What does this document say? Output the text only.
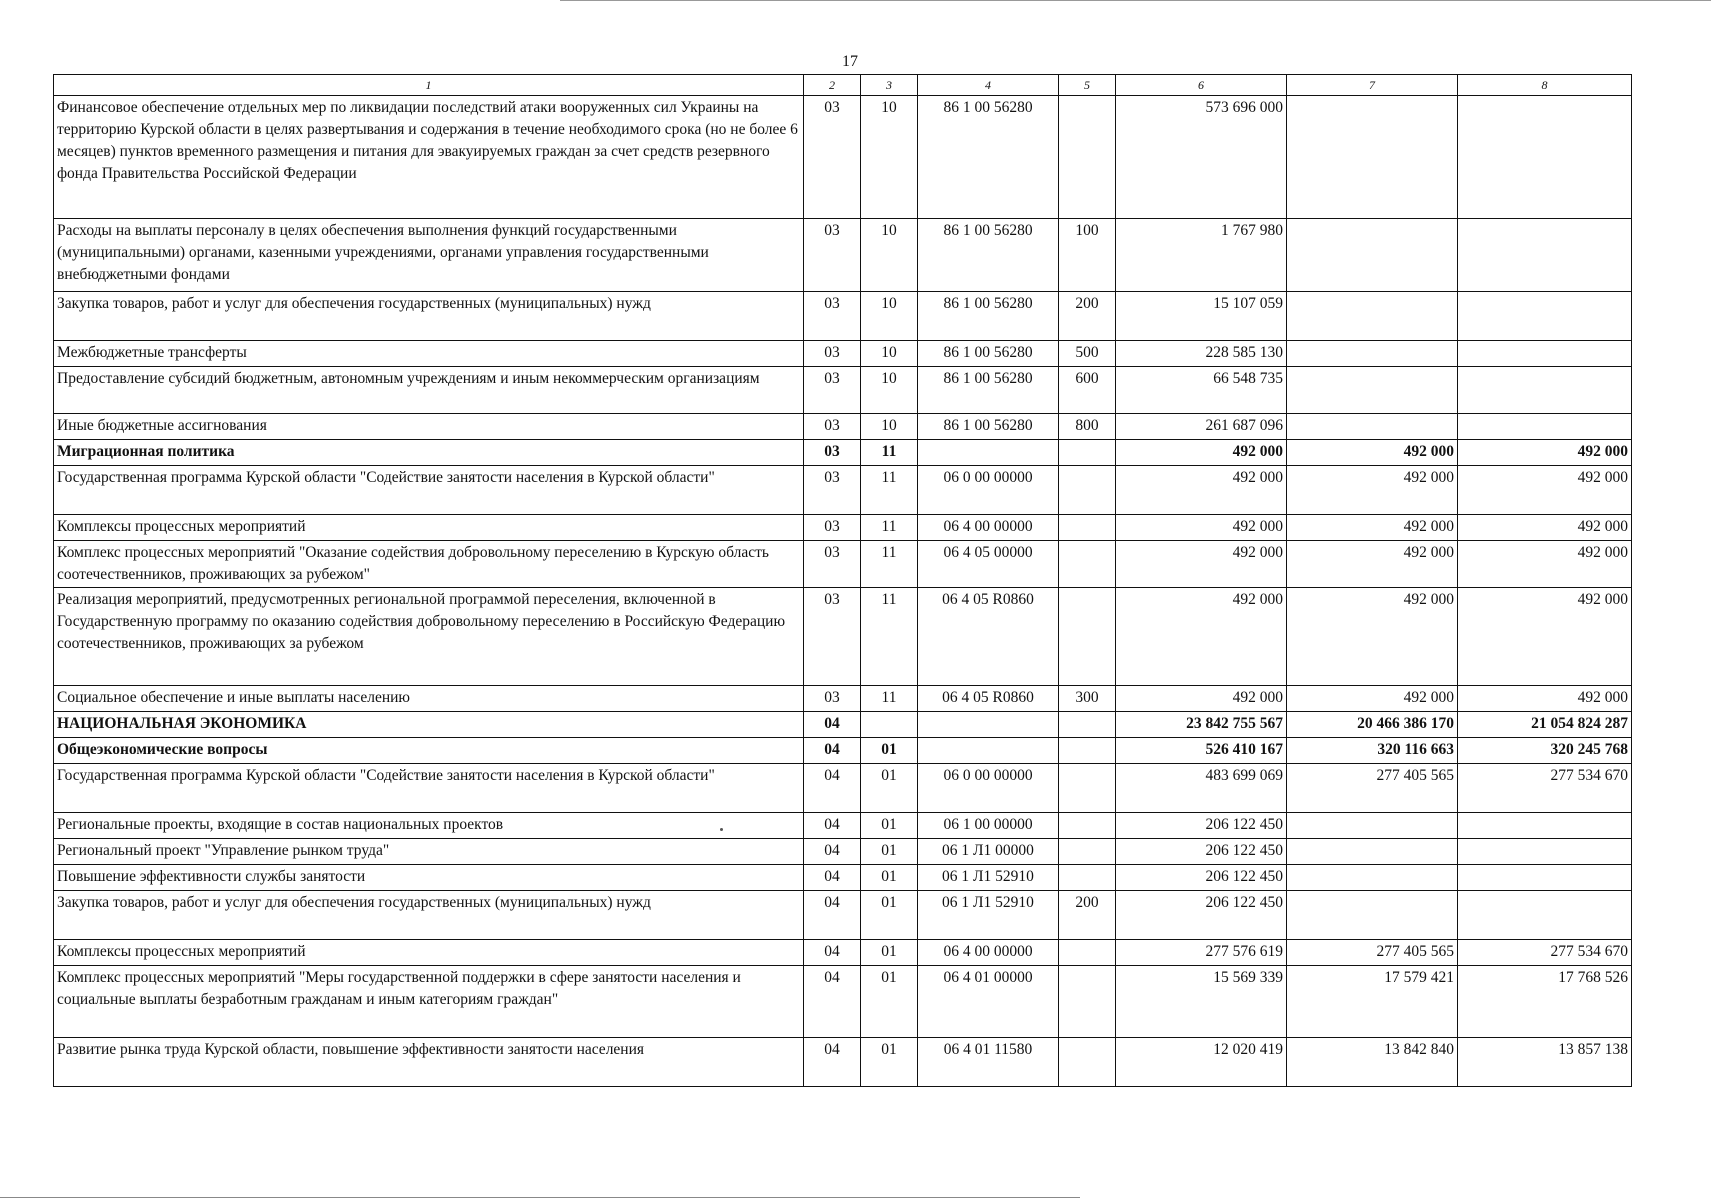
17
1	2	3	4	5	6	7	8
Финансовое обеспечение отдельных мер по ликвидации последствий атаки вооруженных сил Украины на территорию Курской области в целях развертывания и содержания в течение необходимого срока (но не более 6 месяцев) пунктов временного размещения и питания для эвакуируемых граждан за счет средств резервного фонда Правительства Российской Федерации	03	10	86 1 00 56280		573 696 000		
Расходы на выплаты персоналу в целях обеспечения выполнения функций государственными (муниципальными) органами, казенными учреждениями, органами управления государственными внебюджетными фондами	03	10	86 1 00 56280	100	1 767 980		
Закупка товаров, работ и услуг для обеспечения государственных (муниципальных) нужд	03	10	86 1 00 56280	200	15 107 059		
Межбюджетные трансферты	03	10	86 1 00 56280	500	228 585 130		
Предоставление субсидий бюджетным, автономным учреждениям и иным некоммерческим организациям	03	10	86 1 00 56280	600	66 548 735		
Иные бюджетные ассигнования	03	10	86 1 00 56280	800	261 687 096		
Миграционная политика	03	11			492 000	492 000	492 000
Государственная программа Курской области "Содействие занятости населения в Курской области"	03	11	06 0 00 00000		492 000	492 000	492 000
Комплексы процессных мероприятий	03	11	06 4 00 00000		492 000	492 000	492 000
Комплекс процессных мероприятий "Оказание содействия добровольному переселению в Курскую область соотечественников, проживающих за рубежом"	03	11	06 4 05 00000		492 000	492 000	492 000
Реализация мероприятий, предусмотренных региональной программой переселения, включенной в Государственную программу по оказанию содействия добровольному переселению в Российскую Федерацию соотечественников, проживающих за рубежом	03	11	06 4 05 R0860		492 000	492 000	492 000
Социальное обеспечение и иные выплаты населению	03	11	06 4 05 R0860	300	492 000	492 000	492 000
НАЦИОНАЛЬНАЯ ЭКОНОМИКА	04				23 842 755 567	20 466 386 170	21 054 824 287
Общеэкономические вопросы	04	01			526 410 167	320 116 663	320 245 768
Государственная программа Курской области "Содействие занятости населения в Курской области"	04	01	06 0 00 00000		483 699 069	277 405 565	277 534 670
Региональные проекты, входящие в состав национальных проектов	04	01	06 1 00 00000		206 122 450		
Региональный проект "Управление рынком труда"	04	01	06 1 Л1 00000		206 122 450		
Повышение эффективности службы занятости	04	01	06 1 Л1 52910		206 122 450		
Закупка товаров, работ и услуг для обеспечения государственных (муниципальных) нужд	04	01	06 1 Л1 52910	200	206 122 450		
Комплексы процессных мероприятий	04	01	06 4 00 00000		277 576 619	277 405 565	277 534 670
Комплекс процессных мероприятий "Меры государственной поддержки в сфере занятости населения и социальные выплаты безработным гражданам и иным категориям граждан"	04	01	06 4 01 00000		15 569 339	17 579 421	17 768 526
Развитие рынка труда Курской области, повышение эффективности занятости населения	04	01	06 4 01 11580		12 020 419	13 842 840	13 857 138
